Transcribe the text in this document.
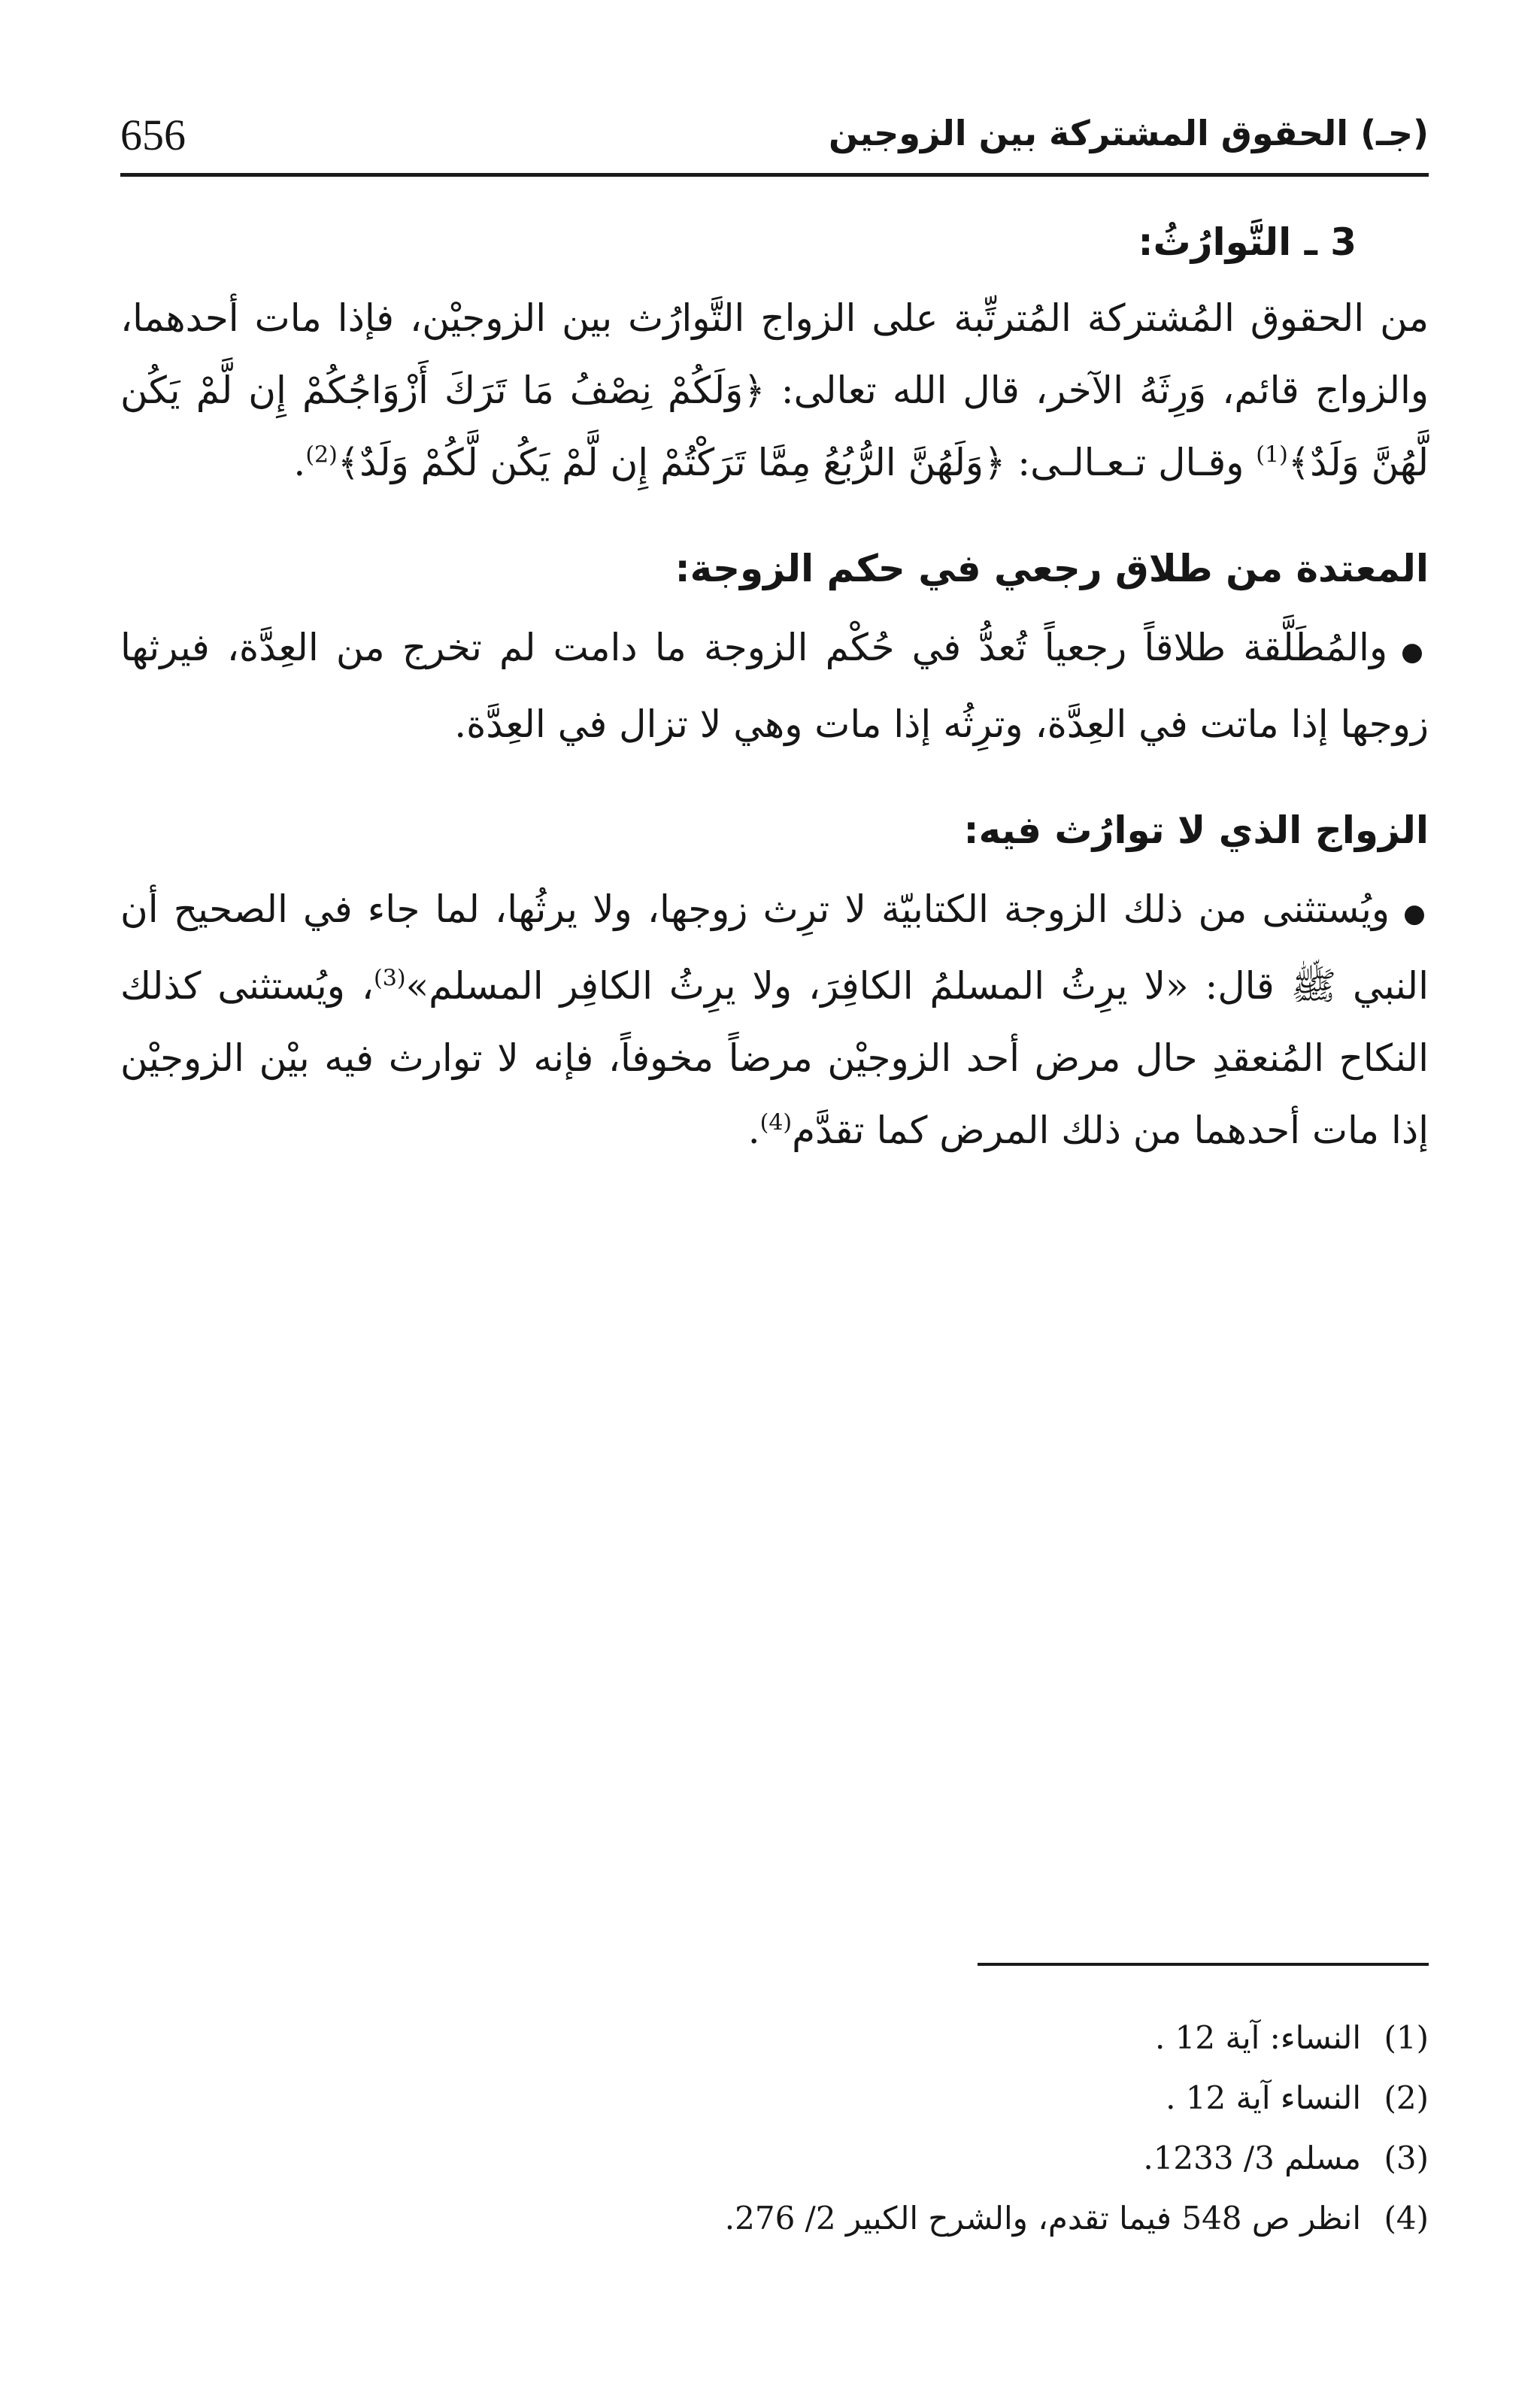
(جـ) الحقوق المشتركة بين الزوجين
656
3 ـ التَّوارُثُ:

من الحقوق المُشتركة المُترتِّبة على الزواج التَّوارُث بين الزوجيْن، فإذا مات أحدهما، والزواج قائم، وَرِثَهُ الآخر، قال الله تعالى: ﴿وَلَكُمْ نِصْفُ مَا تَرَكَ أَزْوَاجُكُمْ إِن لَّمْ يَكُن لَّهُنَّ وَلَدٌ﴾$^{(1)}$ وقـال تـعـالـى: ﴿وَلَهُنَّ الرُّبُعُ مِمَّا تَرَكْتُمْ إِن لَّمْ يَكُن لَّكُمْ وَلَدٌ﴾$^{(2)}$.

المعتدة من طلاق رجعي في حكم الزوجة:

●والمُطَلَّقة طلاقاً رجعياً تُعدُّ في حُكْم الزوجة ما دامت لم تخرج من العِدَّة، فيرثها زوجها إذا ماتت في العِدَّة، وترِثُه إذا مات وهي لا تزال في العِدَّة.

الزواج الذي لا توارُث فيه:

●ويُستثنى من ذلك الزوجة الكتابيّة لا ترِث زوجها، ولا يرثُها، لما جاء في الصحيح أن النبي ﷺ قال: «لا يرِثُ المسلمُ الكافِرَ، ولا يرِثُ الكافِر المسلم»$^{(3)}$، ويُستثنى كذلك النكاح المُنعقدِ حال مرض أحد الزوجيْن مرضاً مخوفاً، فإنه لا توارث فيه بيْن الزوجيْن إذا مات أحدهما من ذلك المرض كما تقدَّم$^{(4)}$.

(1)النساء: آية 12 .
(2)النساء آية 12 .
(3)مسلم 3/ 1233.
(4)انظر ص 548 فيما تقدم، والشرح الكبير 2/ 276.
